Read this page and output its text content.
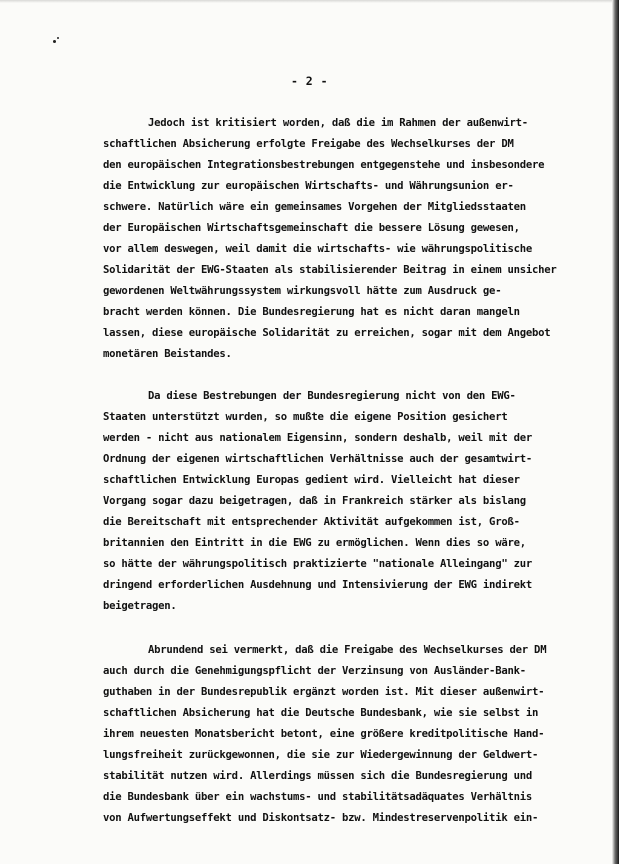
- 2 -

Jedoch ist kritisiert worden, daß die im Rahmen der außenwirt-
schaftlichen Absicherung erfolgte Freigabe des Wechselkurses der DM
den europäischen Integrationsbestrebungen entgegenstehe und insbesondere
die Entwicklung zur europäischen Wirtschafts- und Währungsunion er-
schwere. Natürlich wäre ein gemeinsames Vorgehen der Mitgliedsstaaten
der Europäischen Wirtschaftsgemeinschaft die bessere Lösung gewesen,
vor allem deswegen, weil damit die wirtschafts- wie währungspolitische
Solidarität der EWG-Staaten als stabilisierender Beitrag in einem unsicher
gewordenen Weltwährungssystem wirkungsvoll hätte zum Ausdruck ge-
bracht werden können. Die Bundesregierung hat es nicht daran mangeln
lassen, diese europäische Solidarität zu erreichen, sogar mit dem Angebot
monetären Beistandes.

Da diese Bestrebungen der Bundesregierung nicht von den EWG-
Staaten unterstützt wurden, so mußte die eigene Position gesichert
werden - nicht aus nationalem Eigensinn, sondern deshalb, weil mit der
Ordnung der eigenen wirtschaftlichen Verhältnisse auch der gesamtwirt-
schaftlichen Entwicklung Europas gedient wird. Vielleicht hat dieser
Vorgang sogar dazu beigetragen, daß in Frankreich stärker als bislang
die Bereitschaft mit entsprechender Aktivität aufgekommen ist, Groß-
britannien den Eintritt in die EWG zu ermöglichen. Wenn dies so wäre,
so hätte der währungspolitisch praktizierte "nationale Alleingang" zur
dringend erforderlichen Ausdehnung und Intensivierung der EWG indirekt
beigetragen.

Abrundend sei vermerkt, daß die Freigabe des Wechselkurses der DM
auch durch die Genehmigungspflicht der Verzinsung von Ausländer-Bank-
guthaben in der Bundesrepublik ergänzt worden ist. Mit dieser außenwirt-
schaftlichen Absicherung hat die Deutsche Bundesbank, wie sie selbst in
ihrem neuesten Monatsbericht betont, eine größere kreditpolitische Hand-
lungsfreiheit zurückgewonnen, die sie zur Wiedergewinnung der Geldwert-
stabilität nutzen wird. Allerdings müssen sich die Bundesregierung und
die Bundesbank über ein wachstums- und stabilitätsadäquates Verhältnis
von Aufwertungseffekt und Diskontsatz- bzw. Mindestreservenpolitik ein-
